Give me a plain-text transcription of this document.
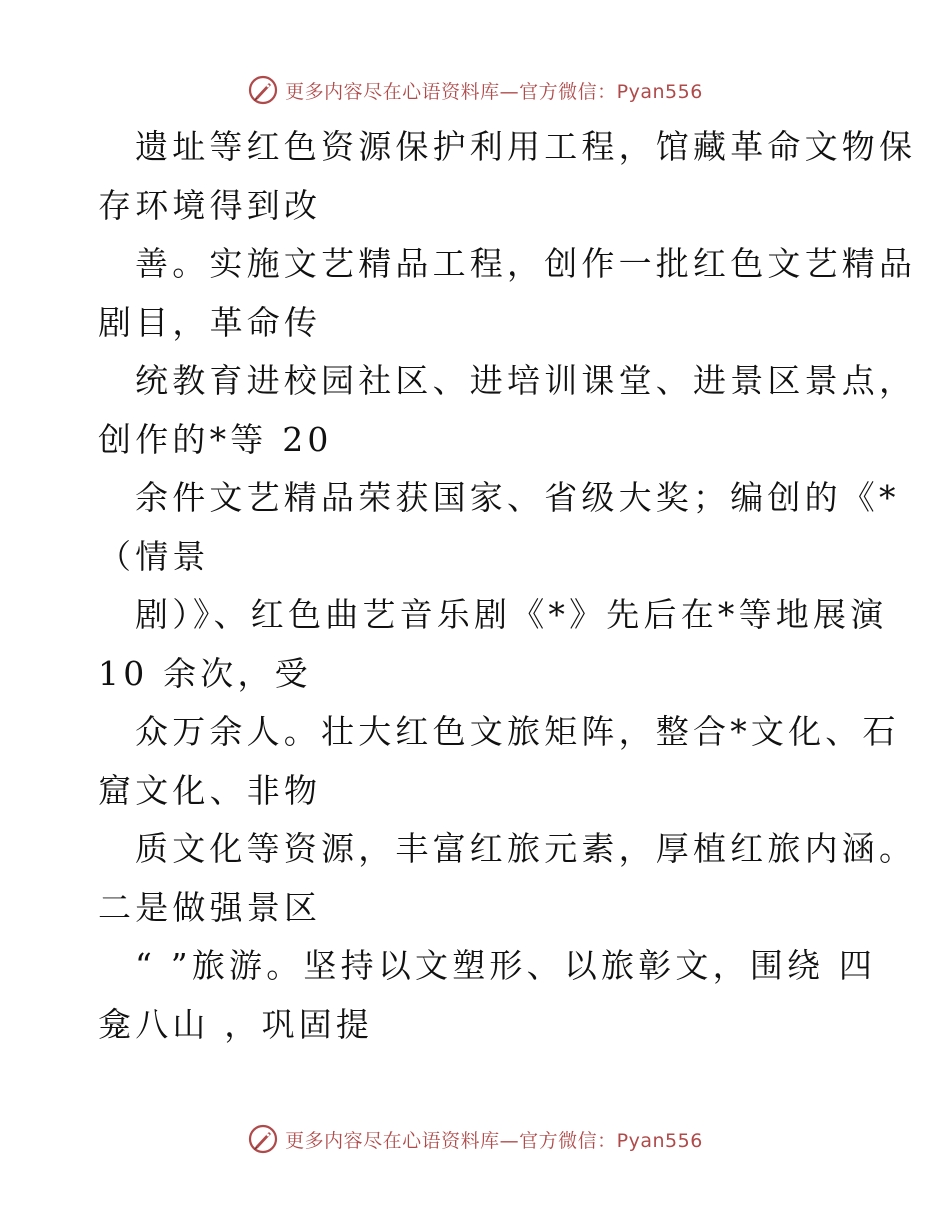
更多内容尽在心语资料库—官方微信：Pyan556
遗址等红色资源保护利用工程，馆藏革命文物保
存环境得到改
善。实施文艺精品工程，创作一批红色文艺精品
剧目，革命传
统教育进校园社区、进培训课堂、进景区景点，
创作的*等 20
余件文艺精品荣获国家、省级大奖；编创的《*
（情景
剧）》、红色曲艺音乐剧《*》先后在*等地展演
10 余次，受
众万余人。壮大红色文旅矩阵，整合*文化、石
窟文化、非物
质文化等资源，丰富红旅元素，厚植红旅内涵。
二是做强景区
“ ”旅游。坚持以文塑形、以旅彰文，围绕 四
龛八山 ，巩固提
更多内容尽在心语资料库—官方微信：Pyan556
